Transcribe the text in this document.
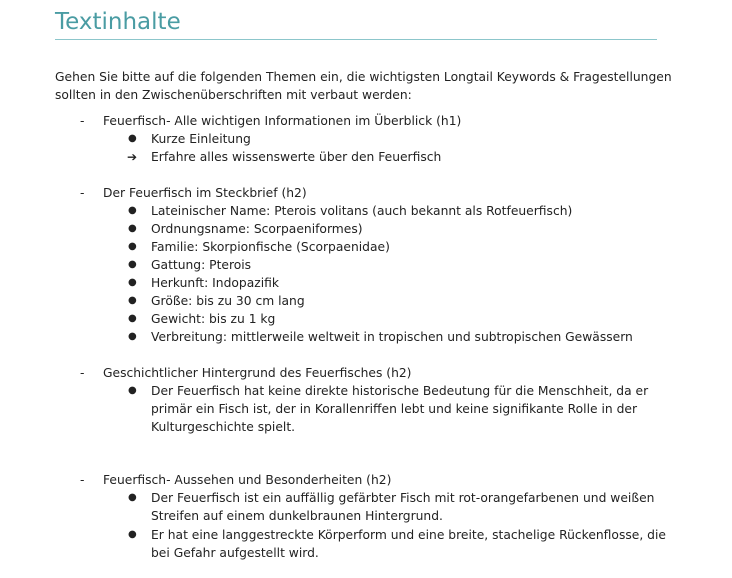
Textinhalte
Gehen Sie bitte auf die folgenden Themen ein, die wichtigsten Longtail Keywords & Fragestellungen
sollten in den Zwischenüberschriften mit verbaut werden:
- Feuerfisch- Alle wichtigen Informationen im Überblick (h1)
● Kurze Einleitung
➔ Erfahre alles wissenswerte über den Feuerfisch
- Der Feuerfisch im Steckbrief (h2)
● Lateinischer Name: Pterois volitans (auch bekannt als Rotfeuerfisch)
● Ordnungsname: Scorpaeniformes)
● Familie: Skorpionfische (Scorpaenidae)
● Gattung: Pterois
● Herkunft: Indopazifik
● Größe: bis zu 30 cm lang
● Gewicht: bis zu 1 kg
● Verbreitung: mittlerweile weltweit in tropischen und subtropischen Gewässern
- Geschichtlicher Hintergrund des Feuerfisches (h2)
● Der Feuerfisch hat keine direkte historische Bedeutung für die Menschheit, da er
primär ein Fisch ist, der in Korallenriffen lebt und keine signifikante Rolle in der
Kulturgeschichte spielt.
- Feuerfisch- Aussehen und Besonderheiten (h2)
● Der Feuerfisch ist ein auffällig gefärbter Fisch mit rot-orangefarbenen und weißen
Streifen auf einem dunkelbraunen Hintergrund.
● Er hat eine langgestreckte Körperform und eine breite, stachelige Rückenflosse, die
bei Gefahr aufgestellt wird.
